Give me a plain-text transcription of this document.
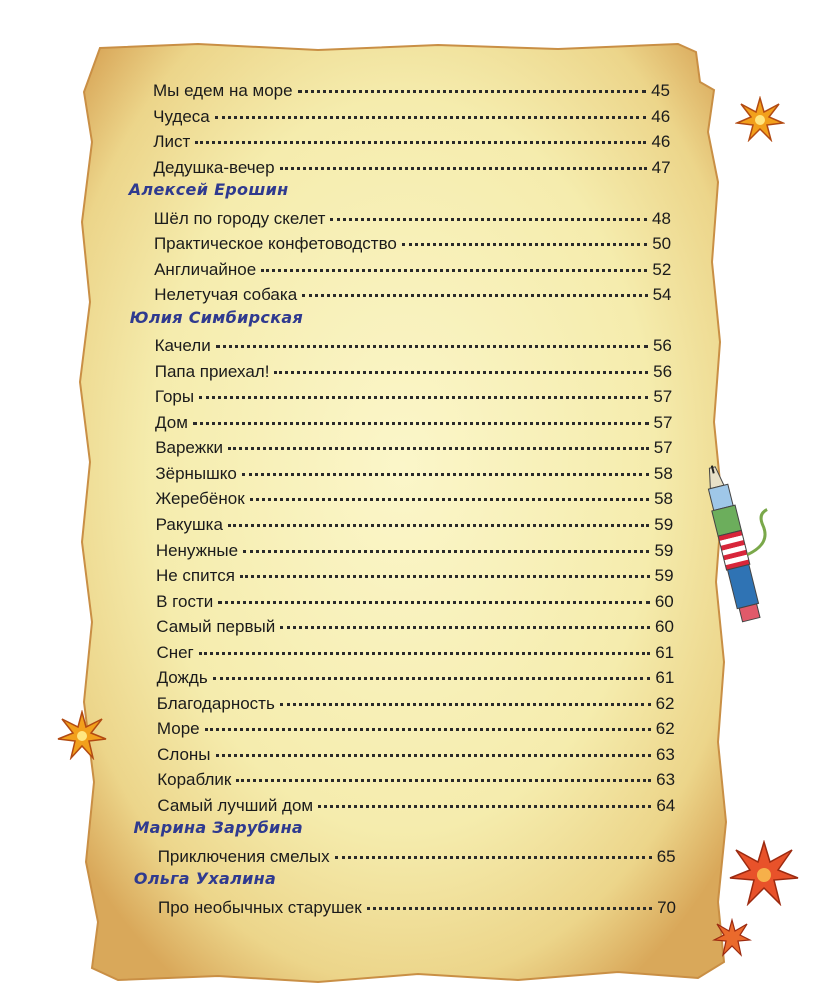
Мы едем на море	45
Чудеса	46
Лист	46
Дедушка-вечер	47
Алексей Ерошин
Шёл по городу скелет	48
Практическое конфетоводство	50
Англичайное	52
Нелетучая собака	54
Юлия Симбирская
Качели	56
Папа приехал!	56
Горы	57
Дом	57
Варежки	57
Зёрнышко	58
Жеребёнок	58
Ракушка	59
Ненужные	59
Не спится	59
В гости	60
Самый первый	60
Снег	61
Дождь	61
Благодарность	62
Море	62
Слоны	63
Кораблик	63
Самый лучший дом	64
Марина Зарубина
Приключения смелых	65
Ольга Ухалина
Про необычных старушек	70
